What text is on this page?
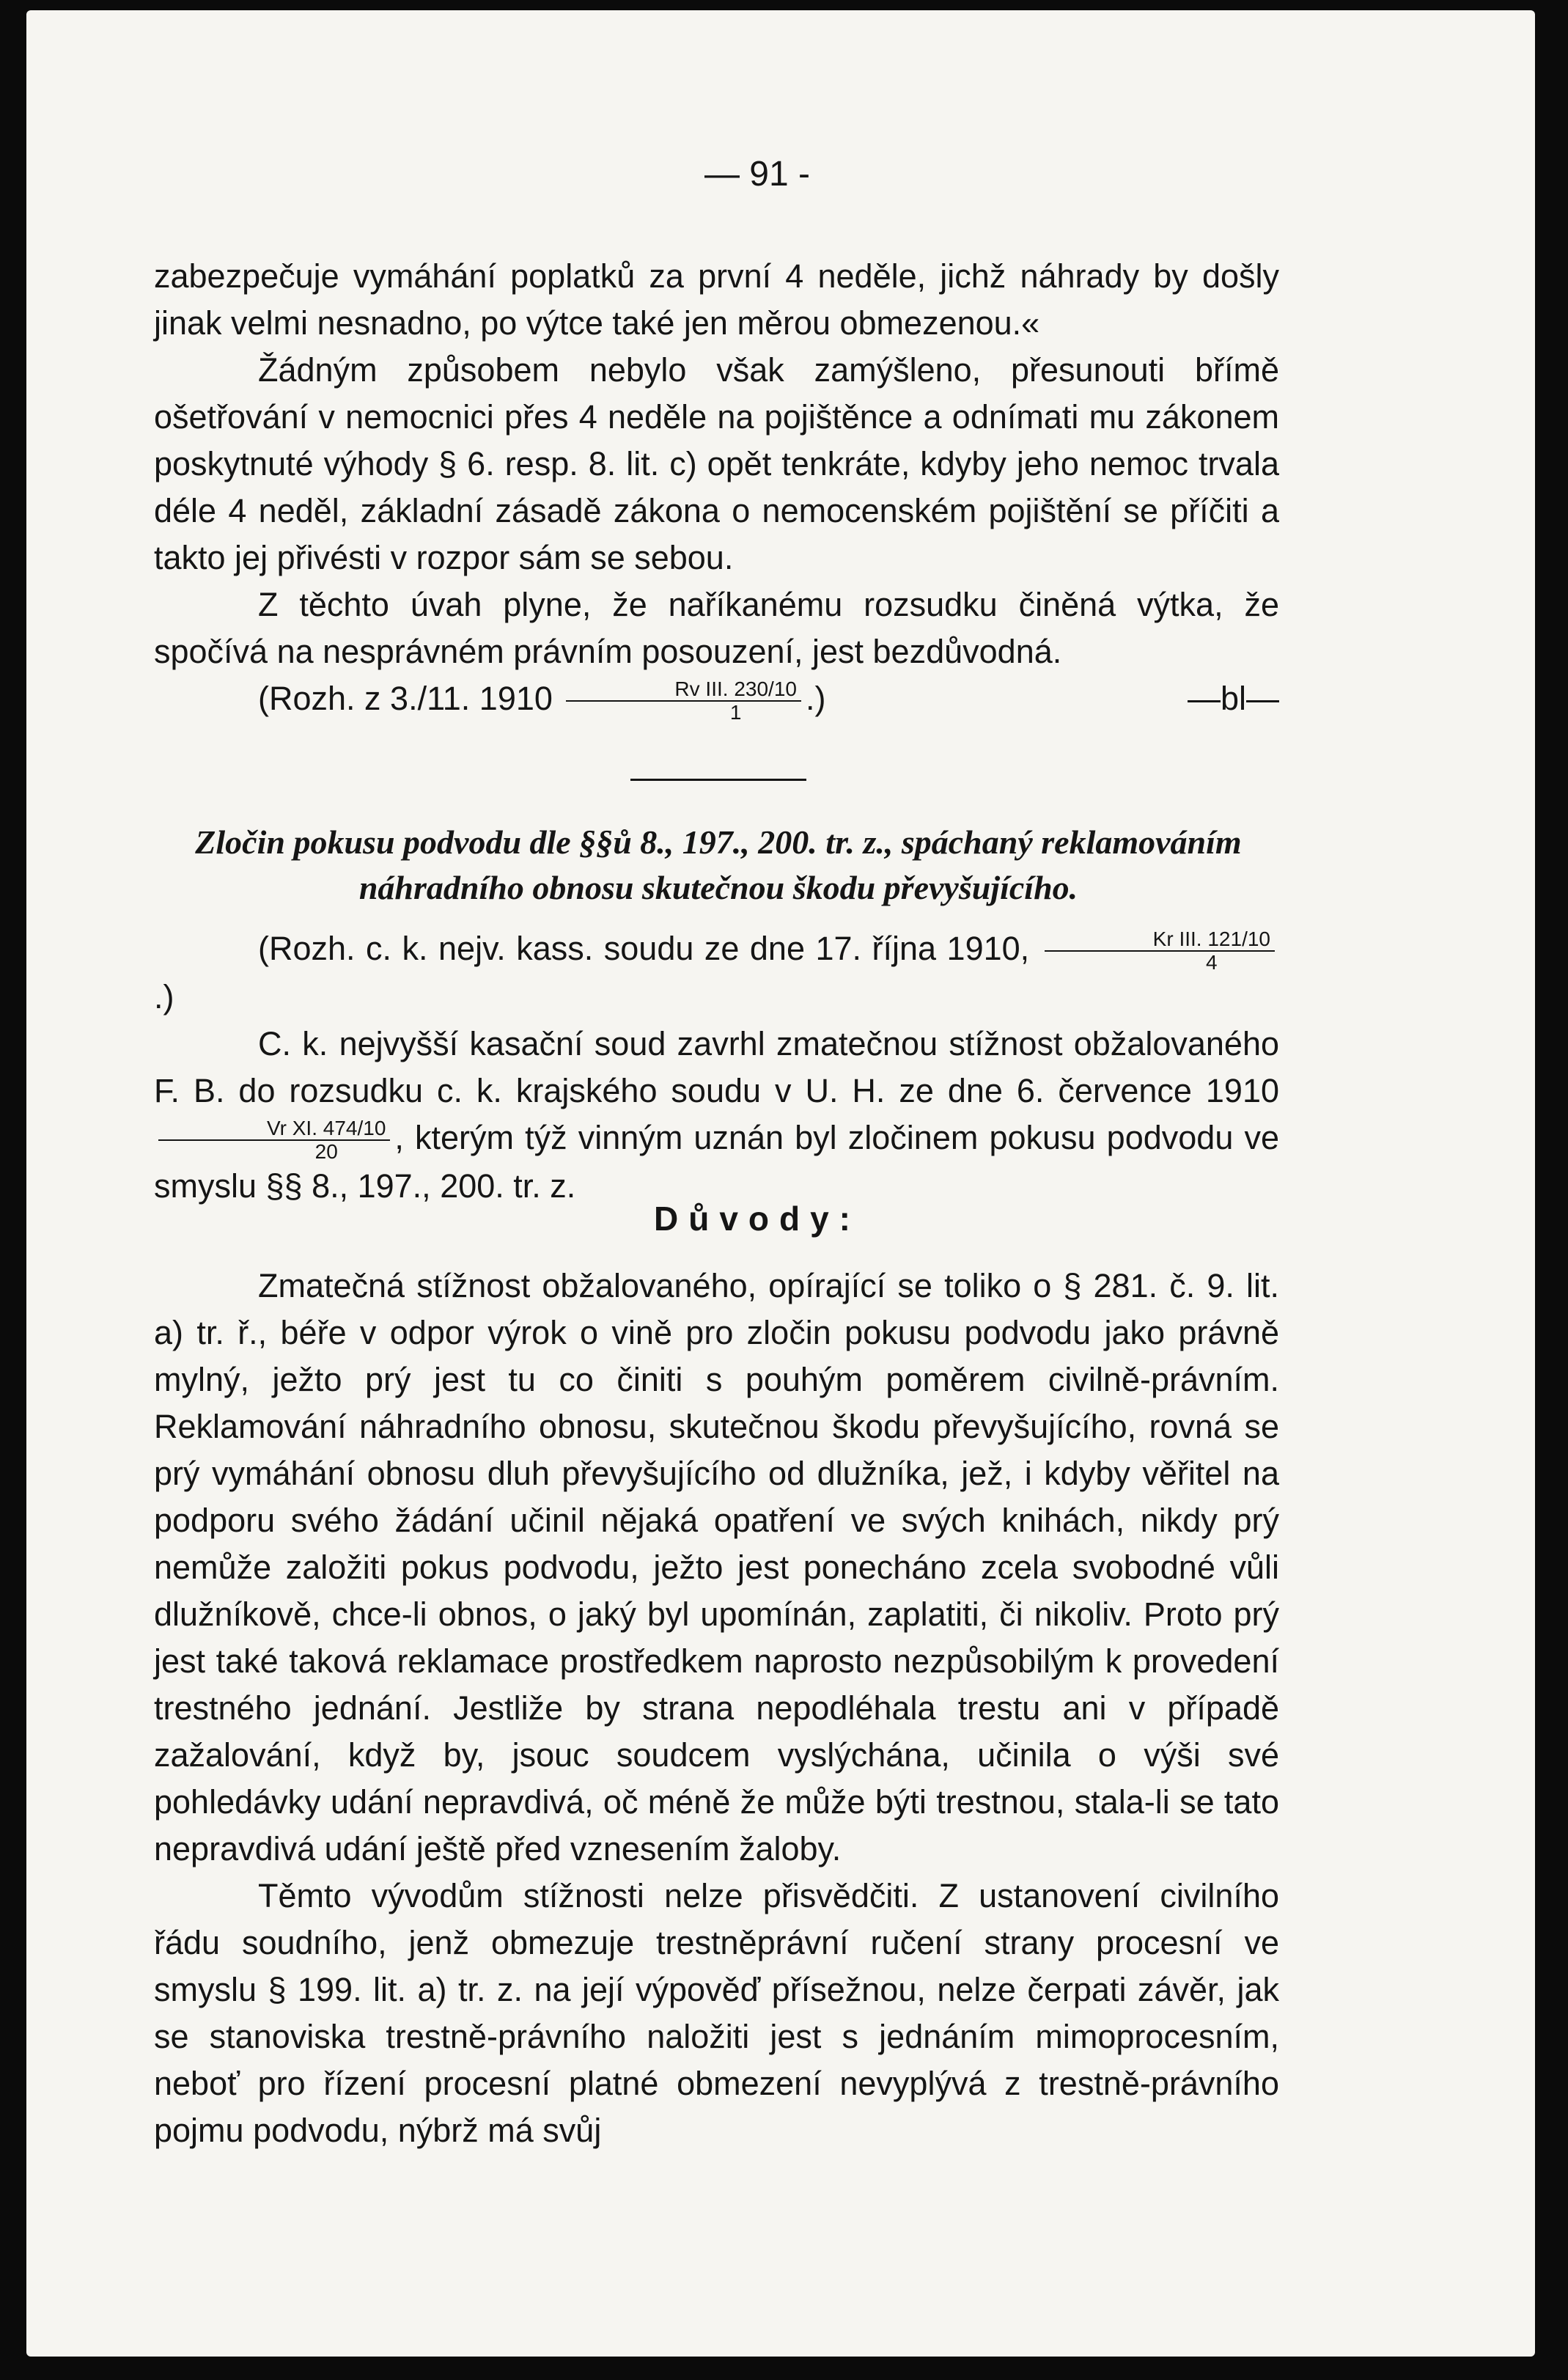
— 91 -

zabezpečuje vymáhání poplatků za první 4 neděle, jichž náhrady by došly jinak velmi nesnadno, po výtce také jen měrou obmezenou.«

Žádným způsobem nebylo však zamýšleno, přesunouti břímě ošetřování v nemocnici přes 4 neděle na pojištěnce a odnímati mu zákonem poskytnuté výhody § 6. resp. 8. lit. c) opět tenkráte, kdyby jeho nemoc trvala déle 4 neděl, základní zásadě zákona o nemocenském pojištění se příčiti a takto jej přivésti v rozpor sám se sebou.

Z těchto úvah plyne, že naříkanému rozsudku činěná výtka, že spočívá na nesprávném právním posouzení, jest bezdůvodná.

(Rozh. z 3./11. $1910 \frac{\text{Rv III. 230/10}}{1}$ .)	—bl—
Zločin pokusu podvodu dle §§ů 8., 197., 200. tr. z., spáchaný reklamováním náhradního obnosu skutečnou škodu převyšujícího.
(Rozh. c. k. nejv. kass. soudu ze dne 17. října 1910, $\frac{\text{Kr III. 121/10}}{4}$
.)

C. k. nejvyšší kasační soud zavrhl zmatečnou stížnost obžalovaného F. B. do rozsudku c. k. krajského soudu v U. H. ze dne 6. července 1910
$\frac{\text{Vr XI. 474/10}}{20}$ , kterým týž vinným uznán byl zločinem pokusu podvodu ve smyslu §§ 8., 197., 200. tr. z.

Důvody:

Zmatečná stížnost obžalovaného, opírající se toliko o § 281. č. 9. lit. a) tr. ř., béře v odpor výrok o vině pro zločin pokusu podvodu jako právně mylný, ježto prý jest tu co činiti s pouhým poměrem civilně-právním. Reklamování náhradního obnosu, skutečnou škodu převyšujícího, rovná se prý vymáhání obnosu dluh převyšujícího od dlužníka, jež, i kdyby věřitel na podporu svého žádání učinil nějaká opatření ve svých knihách, nikdy prý nemůže založiti pokus podvodu, ježto jest ponecháno zcela svobodné vůli dlužníkově, chce-li obnos, o jaký byl upomínán, zaplatiti, či nikoliv. Proto prý jest také taková reklamace prostředkem naprosto nezpůsobilým k provedení trestného jednání. Jestliže by strana nepodléhala trestu ani v případě zažalování, když by, jsouc soudcem vyslýchána, učinila o výši své pohledávky udání nepravdivá, oč méně že může býti trestnou, stala-li se tato nepravdivá udání ještě před vznesením žaloby.

Těmto vývodům stížnosti nelze přisvědčiti. Z ustanovení civilního řádu soudního, jenž obmezuje trestněprávní ručení strany procesní ve smyslu § 199. lit. a) tr. z. na její výpověď přísežnou, nelze čerpati závěr, jak se stanoviska trestně-právního naložiti jest s jednáním mimoprocesním, neboť pro řízení procesní platné obmezení nevyplývá z trestně-právního pojmu podvodu, nýbrž má svůj
